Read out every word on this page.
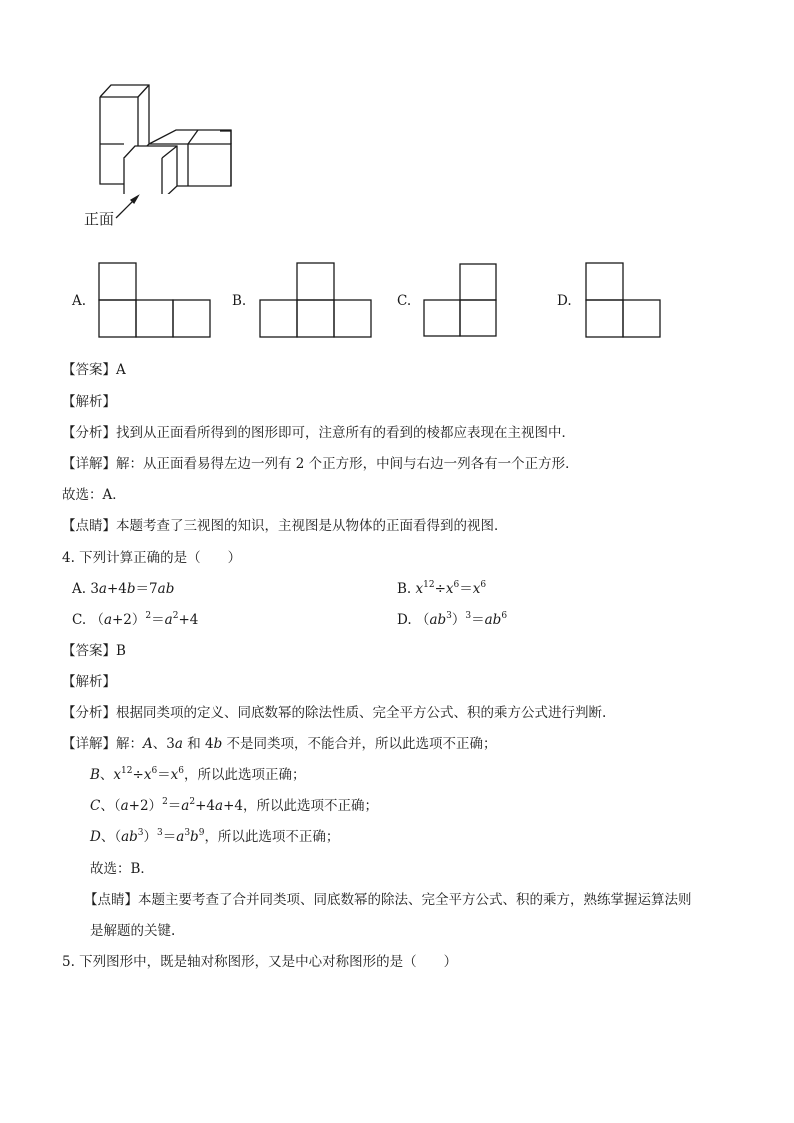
正面
A.	B.	C.	D.
【答案】A
【解析】
【分析】找到从正面看所得到的图形即可，注意所有的看到的棱都应表现在主视图中．
【详解】解：从正面看易得左边一列有 2 个正方形，中间与右边一列各有一个正方形．
故选：A．
【点睛】本题考查了三视图的知识，主视图是从物体的正面看得到的视图．
4. 下列计算正确的是（　　）
A. 3a+4b＝7ab	B. $x^{12}\div x^6=x^6$
C. $(a+2)^2=a^2+4$	D. $(ab^3)^3=ab^6$
【答案】B
【解析】
【分析】根据同类项的定义、同底数幂的除法性质、完全平方公式、积的乘方公式进行判断.
【详解】解：A、3a 和 4b 不是同类项，不能合并，所以此选项不正确；
B、$x^{12}\div x^6=x^6$，所以此选项正确；
C、$(a+2)^2=a^2+4a+4$，所以此选项不正确；
D、$(ab^3)^3=a^3b^9$，所以此选项不正确；
故选：B．
【点睛】本题主要考查了合并同类项、同底数幂的除法、完全平方公式、积的乘方，熟练掌握运算法则
是解题的关键.
5. 下列图形中，既是轴对称图形，又是中心对称图形的是（　　）
